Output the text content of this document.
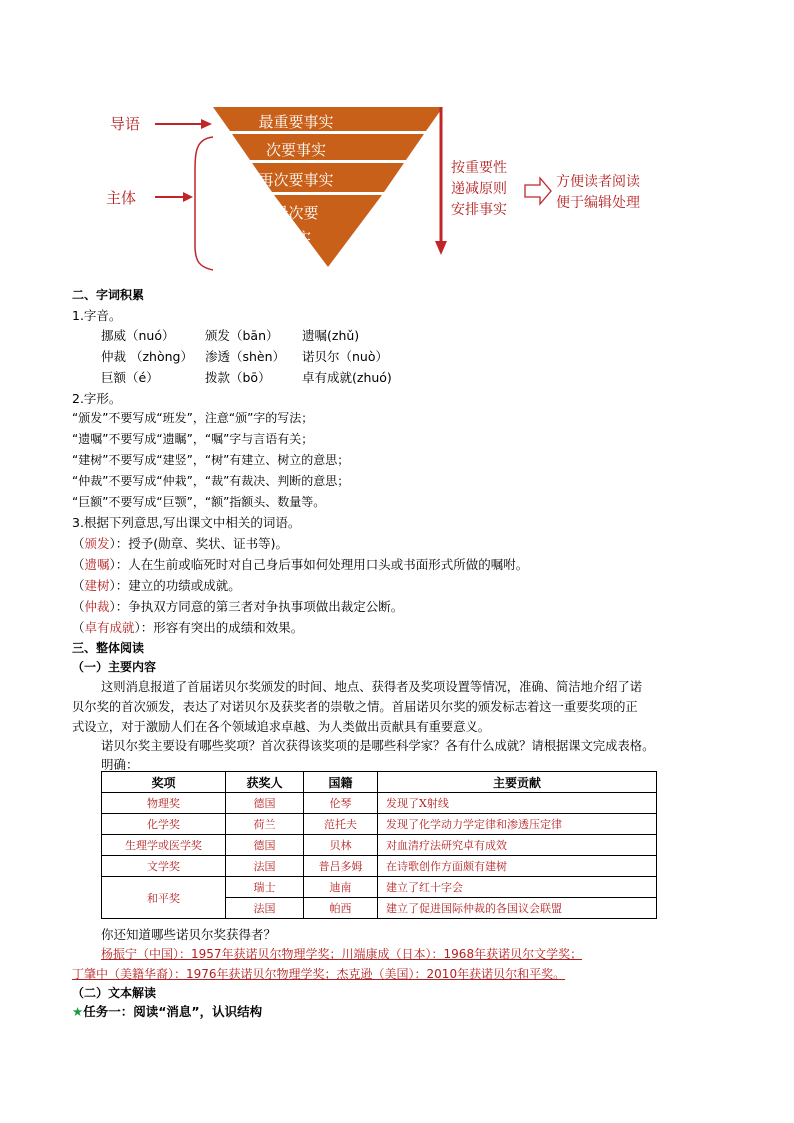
导语
主体
最重要事实
次要事实
再次要事实
最次要
事实
按重要性
递减原则
安排事实
方便读者阅读
便于编辑处理
二、字词积累
1.字音。
挪威（nuó） 颁发（bān） 遗嘱(zhǔ)
仲裁 （zhòng） 渗透（shèn） 诺贝尔（nuò）
巨额（é）	拨款（bō）	卓有成就(zhuó)
2.字形。
“颁发”不要写成“班发”，注意“颁”字的写法；
“遗嘱”不要写成“遗瞩”，“嘱”字与言语有关；
“建树”不要写成“建竖”，“树”有建立、树立的意思；
“仲裁”不要写成“仲栽”，“裁”有裁决、判断的意思；
“巨额”不要写成“巨颚”，“额”指额头、数量等。
3.根据下列意思,写出课文中相关的词语。
（颁发）：授予(勋章、奖状、证书等)。
（遗嘱）：人在生前或临死时对自己身后事如何处理用口头或书面形式所做的嘱咐。
（建树）：建立的功绩或成就。
（仲裁）：争执双方同意的第三者对争执事项做出裁定公断。
（卓有成就）：形容有突出的成绩和效果。
三、整体阅读
（一）主要内容
这则消息报道了首届诺贝尔奖颁发的时间、地点、获得者及奖项设置等情况，准确、简洁地介绍了诺
贝尔奖的首次颁发，表达了对诺贝尔及获奖者的崇敬之情。首届诺贝尔奖的颁发标志着这一重要奖项的正
式设立，对于激励人们在各个领域追求卓越、为人类做出贡献具有重要意义。
诺贝尔奖主要设有哪些奖项？首次获得该奖项的是哪些科学家？各有什么成就？请根据课文完成表格。
明确：
奖项	获奖人	国籍	主要贡献
物理奖	德国	伦琴	发现了X射线
化学奖	荷兰	范托夫	发现了化学动力学定律和渗透压定律
生理学或医学奖	德国	贝林	对血清疗法研究卓有成效
文学奖	法国	普吕多姆	在诗歌创作方面颇有建树
和平奖	瑞士	迪南	建立了红十字会
	法国	帕西	建立了促进国际仲裁的各国议会联盟
你还知道哪些诺贝尔奖获得者？
杨振宁（中国）：1957年获诺贝尔物理学奖；川端康成（日本）：1968年获诺贝尔文学奖；
丁肇中（美籍华裔）：1976年获诺贝尔物理学奖；杰克逊（美国）：2010年获诺贝尔和平奖。
（二）文本解读
★任务一：阅读“消息”，认识结构
